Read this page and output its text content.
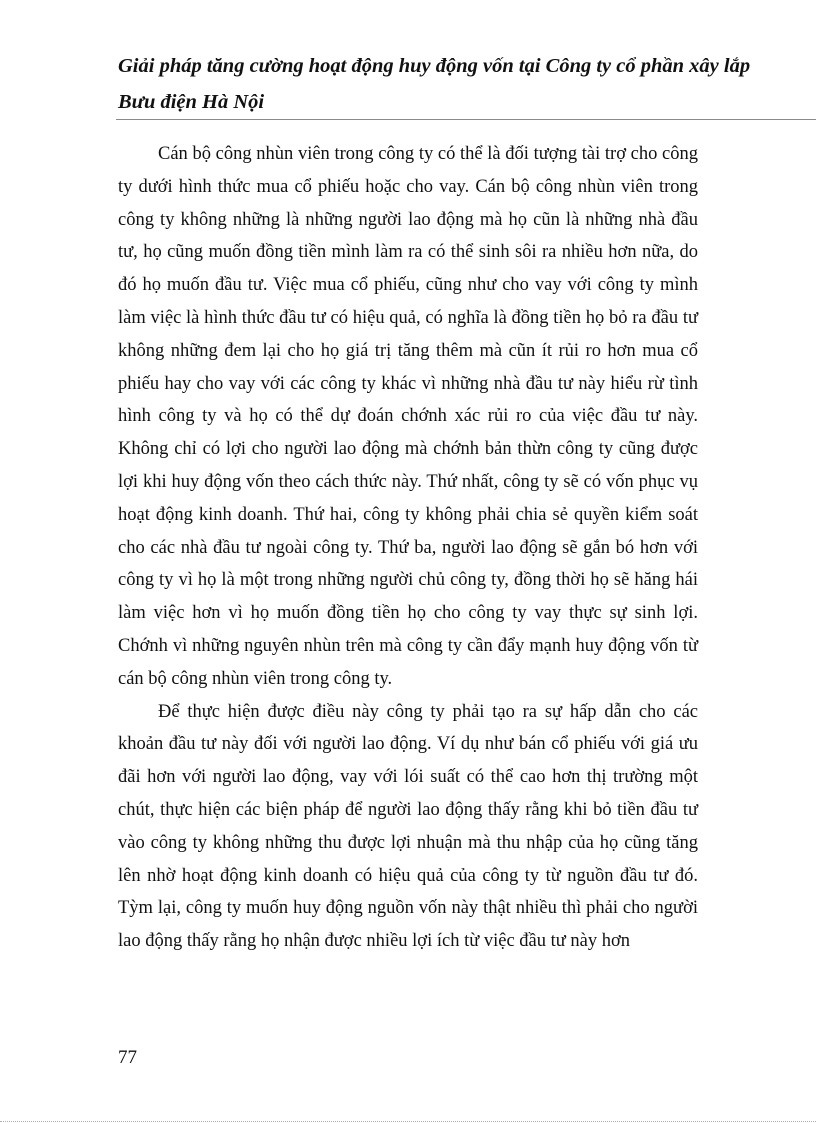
Giải pháp tăng cường hoạt động huy động vốn tại Công ty cổ phần xây lắp
Bưu điện Hà Nội

Cán bộ công nhùn viên trong công ty có thể là đối tượng tài trợ cho công ty dưới hình thức mua cổ phiếu hoặc cho vay. Cán bộ công nhùn viên trong công ty không những là những người lao động mà họ cũn là những nhà đầu tư, họ cũng muốn đồng tiền mình làm ra có thể sinh sôi ra nhiều hơn nữa, do đó họ muốn đầu tư. Việc mua cổ phiếu, cũng như cho vay với công ty mình làm việc là hình thức đầu tư có hiệu quả, có nghĩa là đồng tiền họ bỏ ra đầu tư không những đem lại cho họ giá trị tăng thêm mà cũn ít rủi ro hơn mua cổ phiếu hay cho vay với các công ty khác vì những nhà đầu tư này hiểu rừ tình hình công ty và họ có thể dự đoán chớnh xác rủi ro của việc đầu tư này. Không chỉ có lợi cho người lao động mà chớnh bản thừn công ty cũng được lợi khi huy động vốn theo cách thức này. Thứ nhất, công ty sẽ có vốn phục vụ hoạt động kinh doanh. Thứ hai, công ty không phải chia sẻ quyền kiểm soát cho các nhà đầu tư ngoài công ty. Thứ ba, người lao động sẽ gắn bó hơn với công ty vì họ là một trong những người chủ công ty, đồng thời họ sẽ hăng hái làm việc hơn vì họ muốn đồng tiền họ cho công ty vay thực sự sinh lợi. Chớnh vì những nguyên nhùn trên mà công ty cần đẩy mạnh huy động vốn từ cán bộ công nhùn viên trong công ty.

Để thực hiện được điều này công ty phải tạo ra sự hấp dẫn cho các khoản đầu tư này đối với người lao động. Ví dụ như bán cổ phiếu với giá ưu đãi hơn với người lao động, vay với lói suất có thể cao hơn thị trường một chút, thực hiện các biện pháp để người lao động thấy rằng khi bỏ tiền đầu tư vào công ty không những thu được lợi nhuận mà thu nhập của họ cũng tăng lên nhờ hoạt động kinh doanh có hiệu quả của công ty từ nguồn đầu tư đó. Tỳm lại, công ty muốn huy động nguồn vốn này thật nhiều thì phải cho người lao động thấy rằng họ nhận được nhiều lợi ích từ việc đầu tư này hơn

77
